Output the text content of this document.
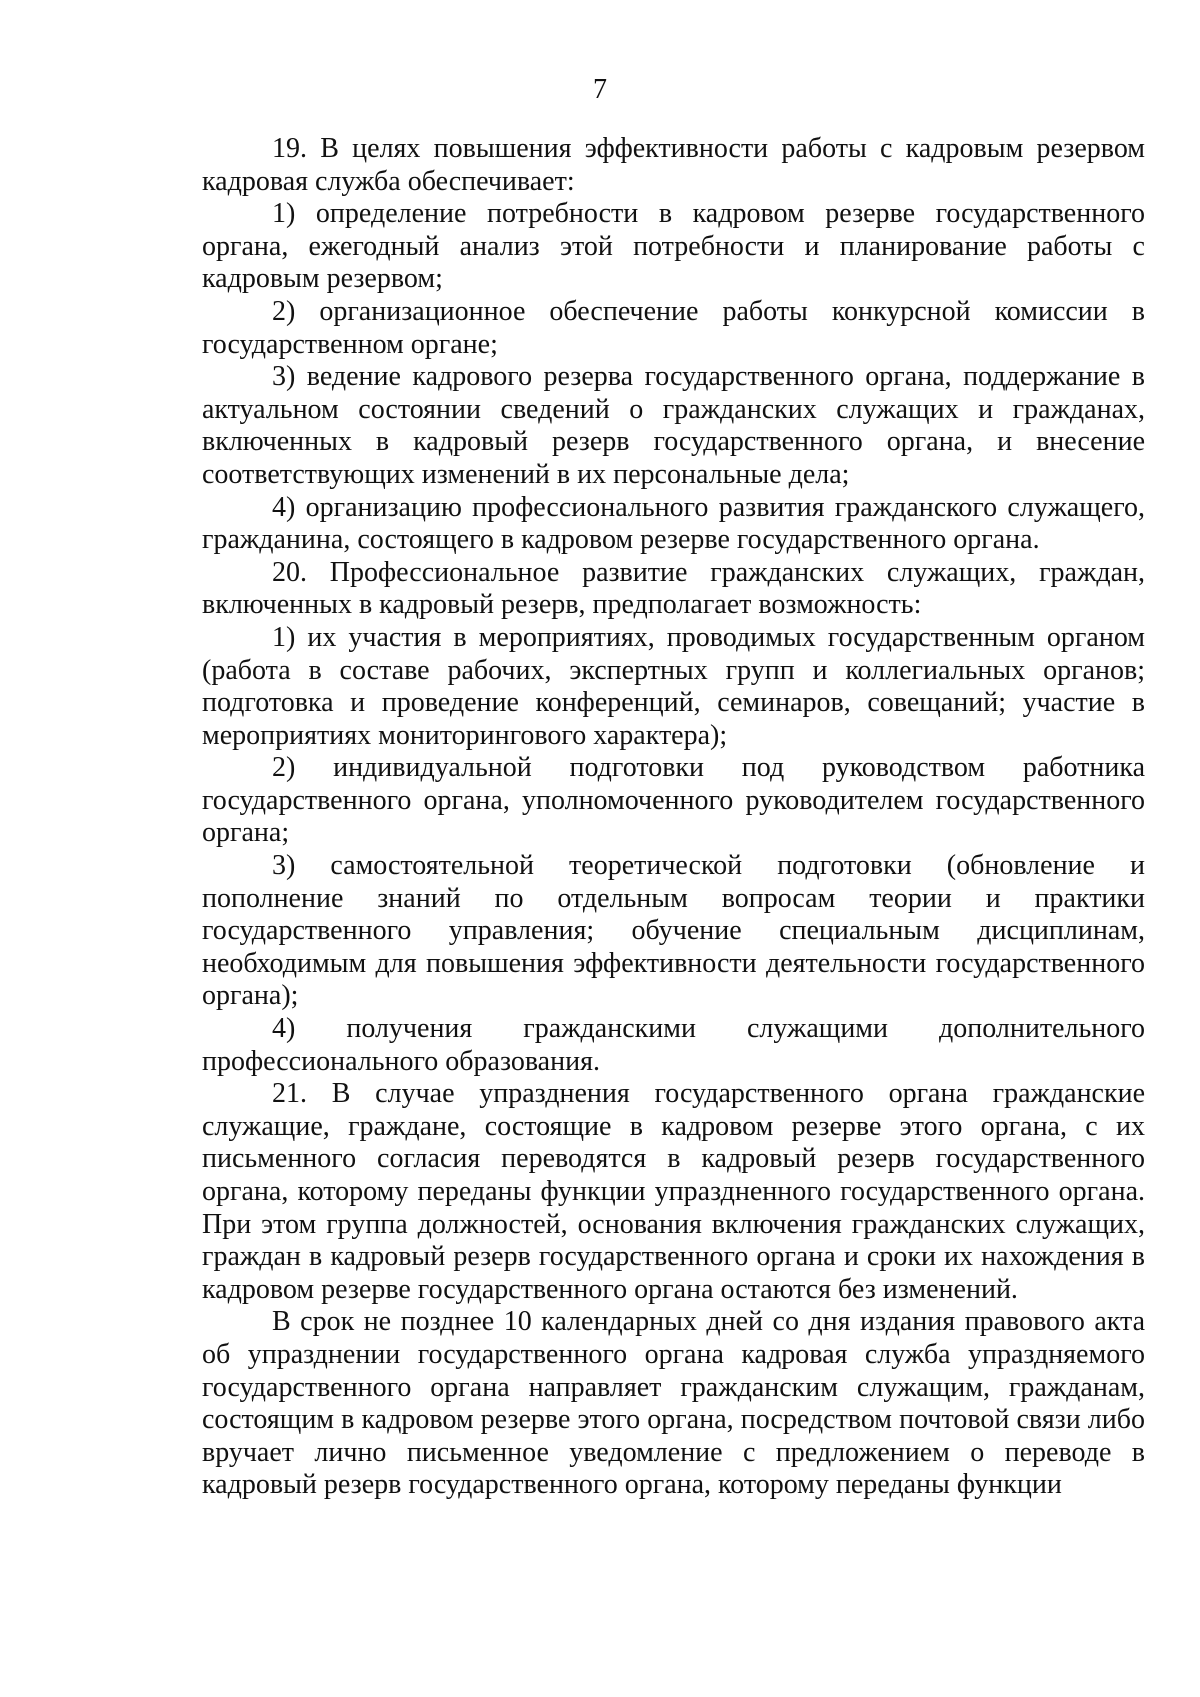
7

19. В целях повышения эффективности работы с кадровым резервом кадровая служба обеспечивает:

1) определение потребности в кадровом резерве государственного органа, ежегодный анализ этой потребности и планирование работы с кадровым резервом;

2) организационное обеспечение работы конкурсной комиссии в государственном органе;

3) ведение кадрового резерва государственного органа, поддержание в актуальном состоянии сведений о гражданских служащих и гражданах, включенных в кадровый резерв государственного органа, и внесение соответствующих изменений в их персональные дела;

4) организацию профессионального развития гражданского служащего, гражданина, состоящего в кадровом резерве государственного органа.

20. Профессиональное развитие гражданских служащих, граждан, включенных в кадровый резерв, предполагает возможность:

1) их участия в мероприятиях, проводимых государственным органом (работа в составе рабочих, экспертных групп и коллегиальных органов; подготовка и проведение конференций, семинаров, совещаний; участие в мероприятиях мониторингового характера);

2) индивидуальной подготовки под руководством работника государственного органа, уполномоченного руководителем государственного органа;

3) самостоятельной теоретической подготовки (обновление и пополнение знаний по отдельным вопросам теории и практики государственного управления; обучение специальным дисциплинам, необходимым для повышения эффективности деятельности государственного органа);

4) получения гражданскими служащими дополнительного профессионального образования.

21. В случае упразднения государственного органа гражданские служащие, граждане, состоящие в кадровом резерве этого органа, с их письменного согласия переводятся в кадровый резерв государственного органа, которому переданы функции упраздненного государственного органа. При этом группа должностей, основания включения гражданских служащих, граждан в кадровый резерв государственного органа и сроки их нахождения в кадровом резерве государственного органа остаются без изменений.

В срок не позднее 10 календарных дней со дня издания правового акта об упразднении государственного органа кадровая служба упраздняемого государственного органа направляет гражданским служащим, гражданам, состоящим в кадровом резерве этого органа, посредством почтовой связи либо вручает лично письменное уведомление с предложением о переводе в кадровый резерв государственного органа, которому переданы функции
